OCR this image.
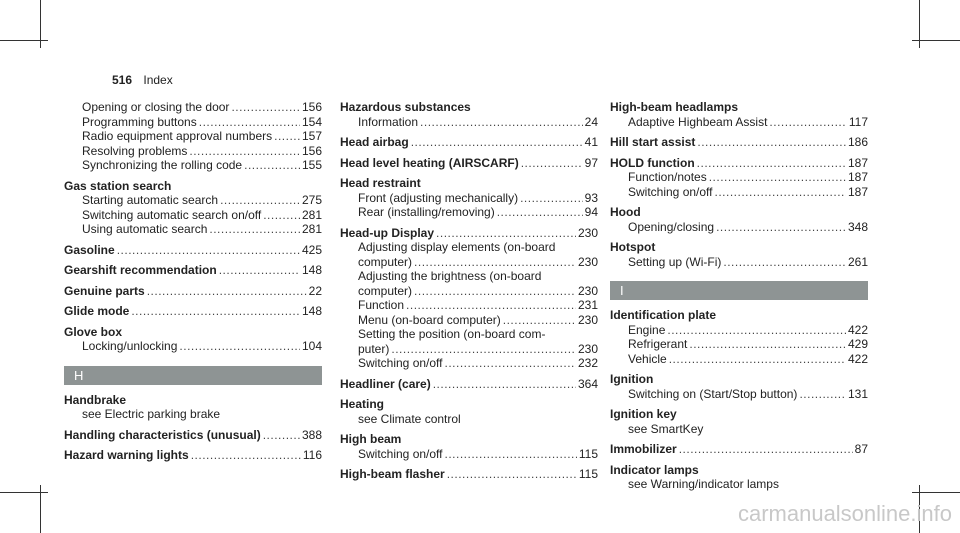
516 Index
Opening or closing the door .....	156
Programming buttons .....	154
Radio equipment approval numbers ..... 157
Resolving problems .....	156
Synchronizing the rolling code .....	155
Gas station search
Starting automatic search .....	275
Switching automatic search on/off .....	281
Using automatic search .....	281
Gasoline .....	425
Gearshift recommendation .....	148
Genuine parts .....	22
Glide mode .....	148
Glove box
Locking/unlocking .....	104
H
Handbrake
see Electric parking brake
Handling characteristics (unusual) .....	388
Hazard warning lights .....	116
Hazardous substances
Information .....	24
Head airbag .....	41
Head level heating (AIRSCARF) .....	97
Head restraint
Front (adjusting mechanically) .....	93
Rear (installing/removing) .....	94
Head-up Display .....	230
Adjusting display elements (on-board
computer) .....	230
Adjusting the brightness (on-board
computer) .....	230
Function .....	231
Menu (on-board computer) .....	230
Setting the position (on-board com-
puter) .....	230
Switching on/off .....	232
Headliner (care) .....	364
Heating
see Climate control
High beam
Switching on/off .....	115
High-beam flasher .....	115
High-beam headlamps
Adaptive Highbeam Assist .....	117
Hill start assist .....	186
HOLD function .....	187
Function/notes .....	187
Switching on/off .....	187
Hood
Opening/closing .....	348
Hotspot
Setting up (Wi-Fi) .....	261
I
Identification plate
Engine .....	422
Refrigerant .....	429
Vehicle .....	422
Ignition
Switching on (Start/Stop button) .....	131
Ignition key
see SmartKey
Immobilizer .....	87
Indicator lamps
see Warning/indicator lamps
carmanualsonline.info
